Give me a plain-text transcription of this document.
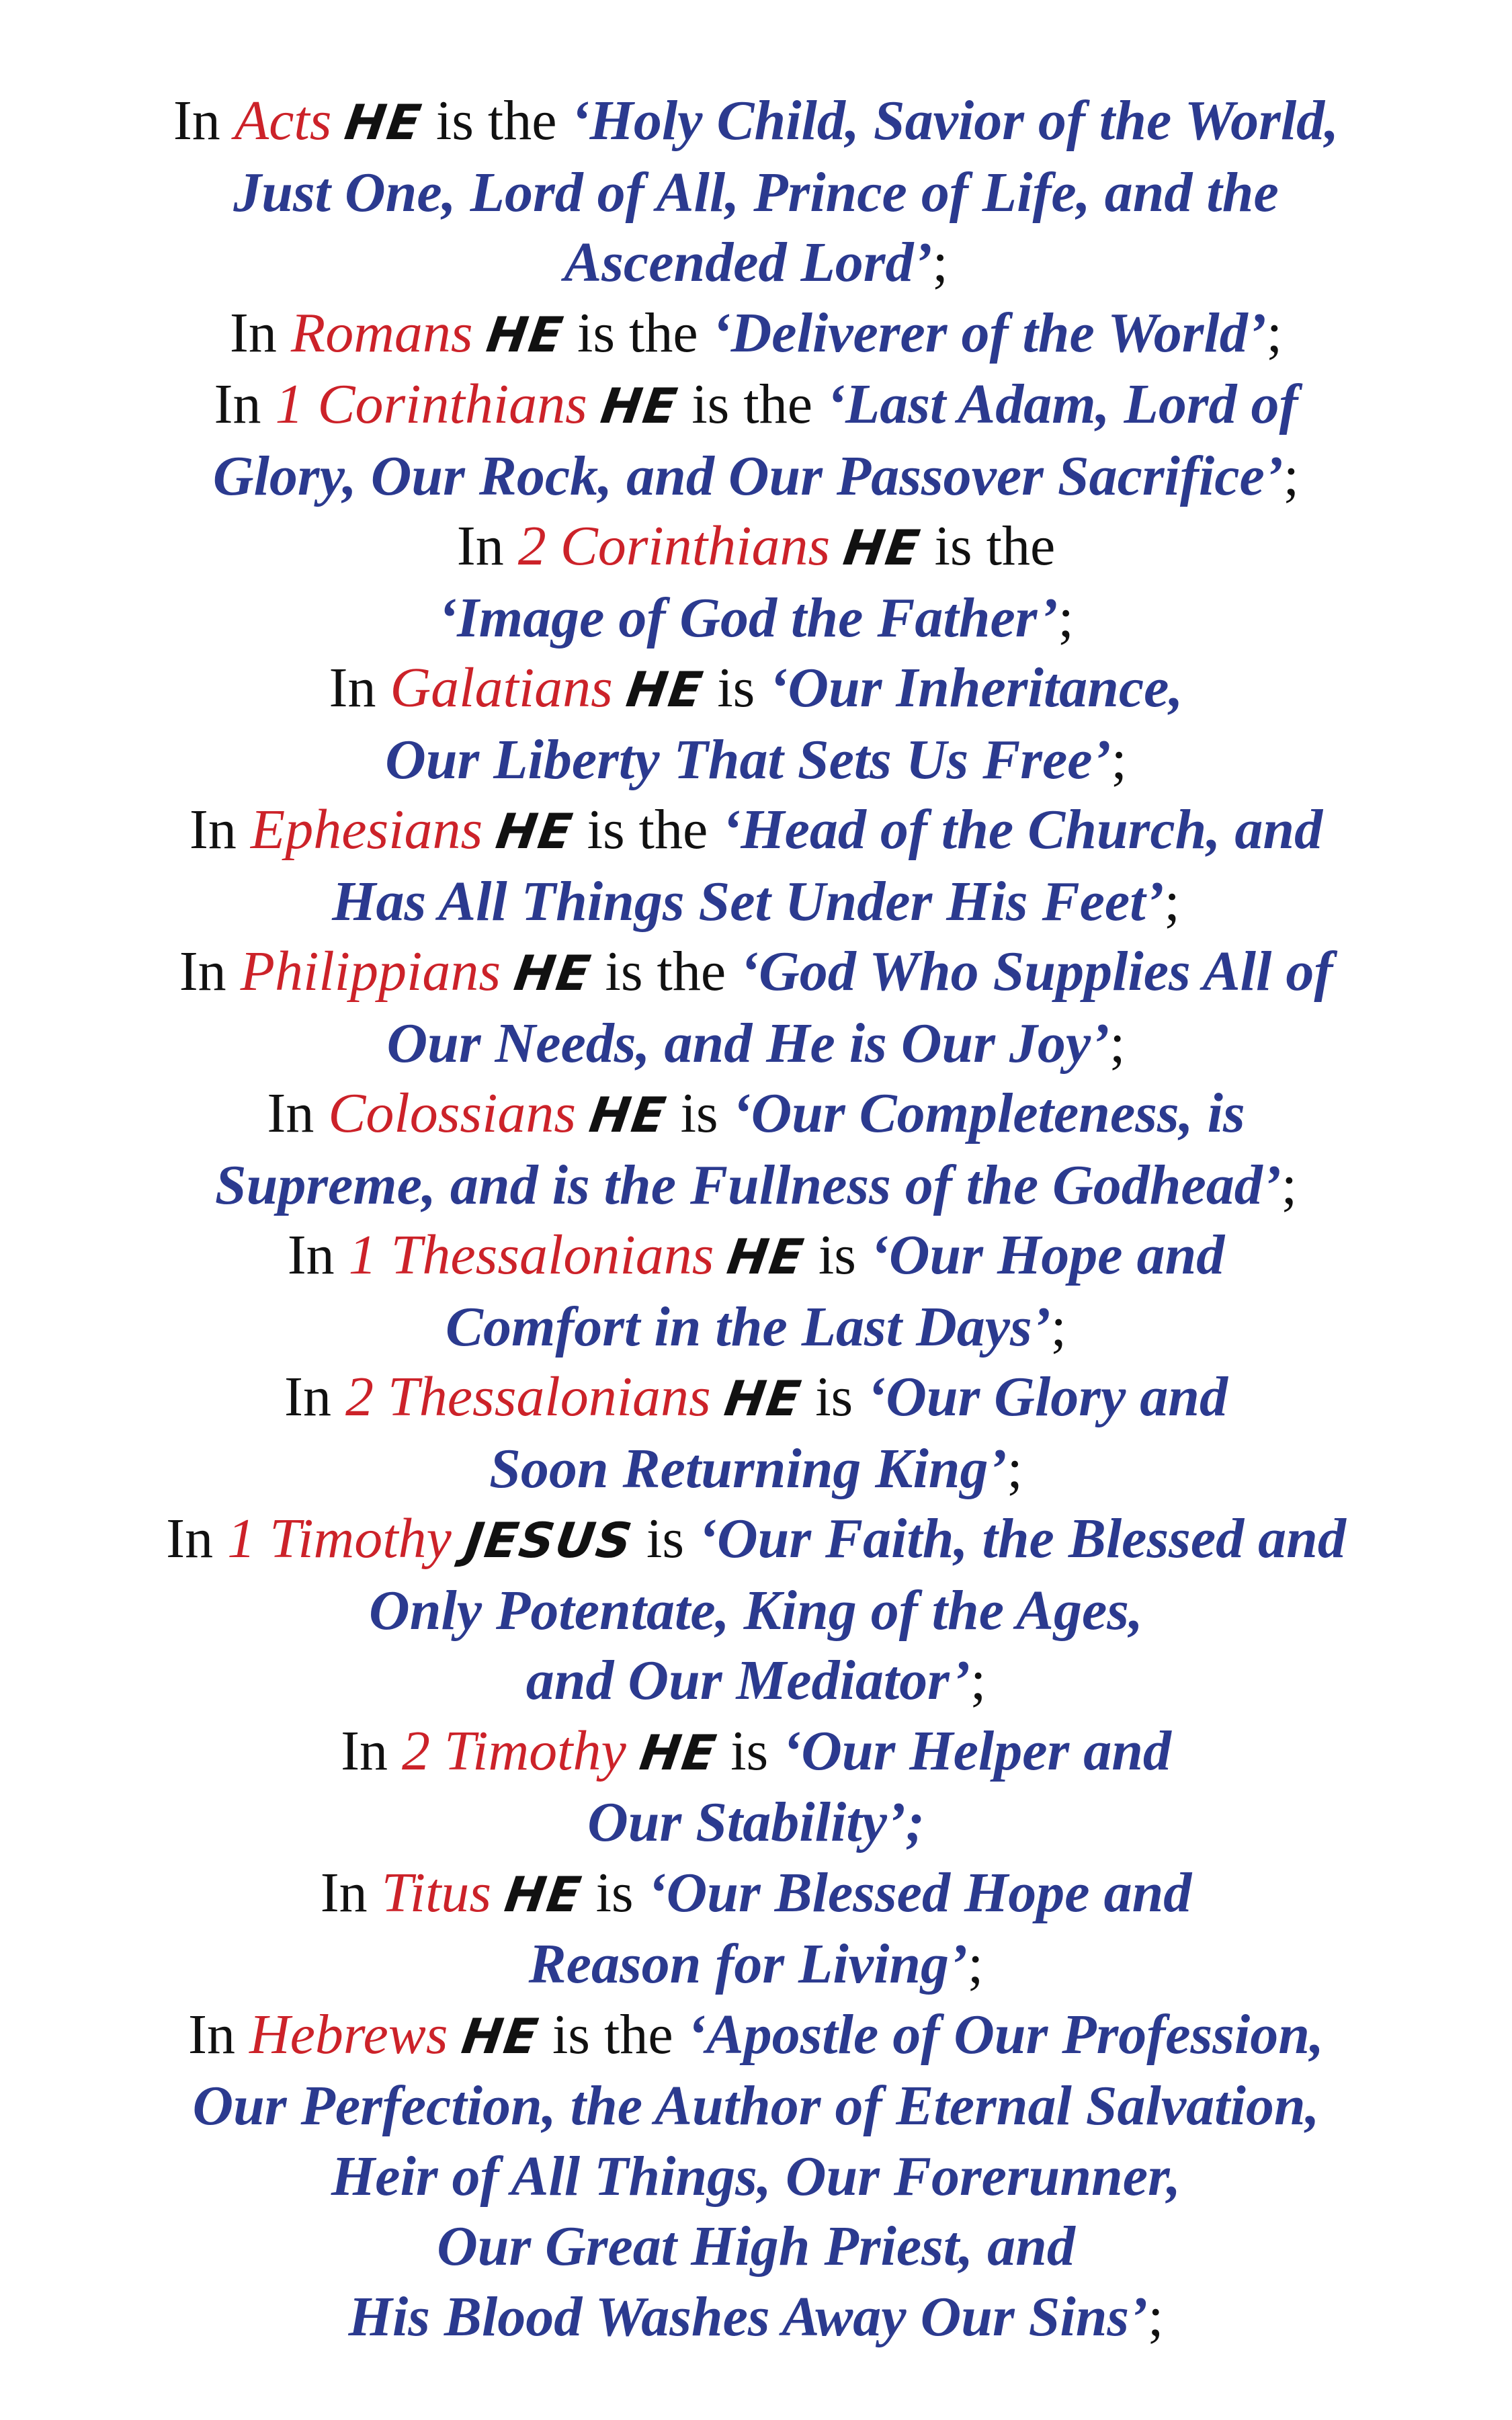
In Acts HE is the ‘Holy Child, Savior of the World,
Just One, Lord of All, Prince of Life, and the
Ascended Lord’;
In Romans HE is the ‘Deliverer of the World’;
In 1 Corinthians HE is the ‘Last Adam, Lord of
Glory, Our Rock, and Our Passover Sacrifice’;
In 2 Corinthians HE is the
‘Image of God the Father’;
In Galatians HE is ‘Our Inheritance,
Our Liberty That Sets Us Free’;
In Ephesians HE is the ‘Head of the Church, and
Has All Things Set Under His Feet’;
In Philippians HE is the ‘God Who Supplies All of
Our Needs, and He is Our Joy’;
In Colossians HE is ‘Our Completeness, is
Supreme, and is the Fullness of the Godhead’;
In 1 Thessalonians HE is ‘Our Hope and
Comfort in the Last Days’;
In 2 Thessalonians HE is ‘Our Glory and
Soon Returning King’;
In 1 Timothy JESUS is ‘Our Faith, the Blessed and
Only Potentate, King of the Ages,
and Our Mediator’;
In 2 Timothy HE is ‘Our Helper and
Our Stability’;
In Titus HE is ‘Our Blessed Hope and
Reason for Living’;
In Hebrews HE is the ‘Apostle of Our Profession,
Our Perfection, the Author of Eternal Salvation,
Heir of All Things, Our Forerunner,
Our Great High Priest, and
His Blood Washes Away Our Sins’;
